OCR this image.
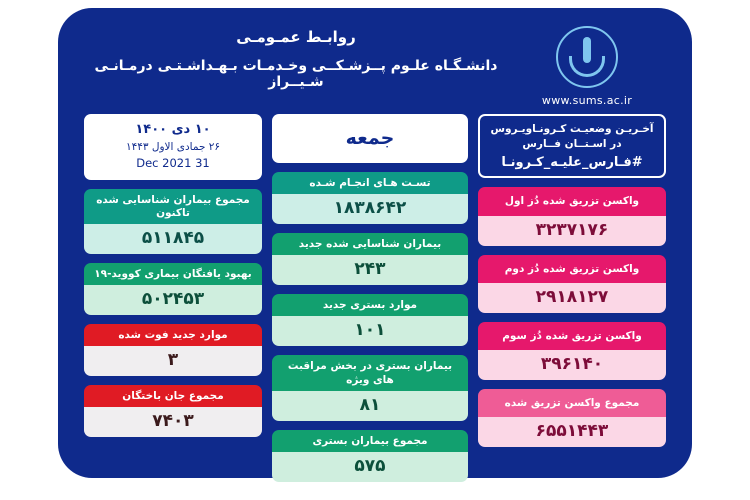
www.sums.ac.ir
روابـط عمـومـی
دانشـگـاه علـوم پــزشـکــی وخـدمـات بـهـداشـتـی درمـانـی شـیــراز
آخـریـن وضعیـت کـرونـاویـروس در اسـتــان فــارس
#فـارس_علیـه_کـرونـا
واکسن تزریق شده دُز اول
۳۲۳۷۱۷۶
واکسن تزریق شده دُز دوم
۲۹۱۸۱۲۷
واکسن تزریق شده دُز سوم
۳۹۶۱۴۰
مجموع واکسن تزریق شده
۶۵۵۱۴۴۳
جمعه
تسـت هـای انجـام شـده
۱۸۳۸۶۴۲
بیماران شناسایی شده جدید
۲۴۳
موارد بستری جدید
۱۰۱
بیماران بستری در بخش مراقبت های ویژه
۸۱
مجموع بیماران بستری
۵۷۵
۱۰ دی ۱۴۰۰
۲۶ جمادی الاول ۱۴۴۳
31 Dec 2021
مجموع بیماران شناسایی شده تاکنون
۵۱۱۸۴۵
بهبود یافتگان بیماری کووید-۱۹
۵۰۲۴۵۳
موارد جدید فوت شده
۳
مجموع جان باختگان
۷۴۰۳
